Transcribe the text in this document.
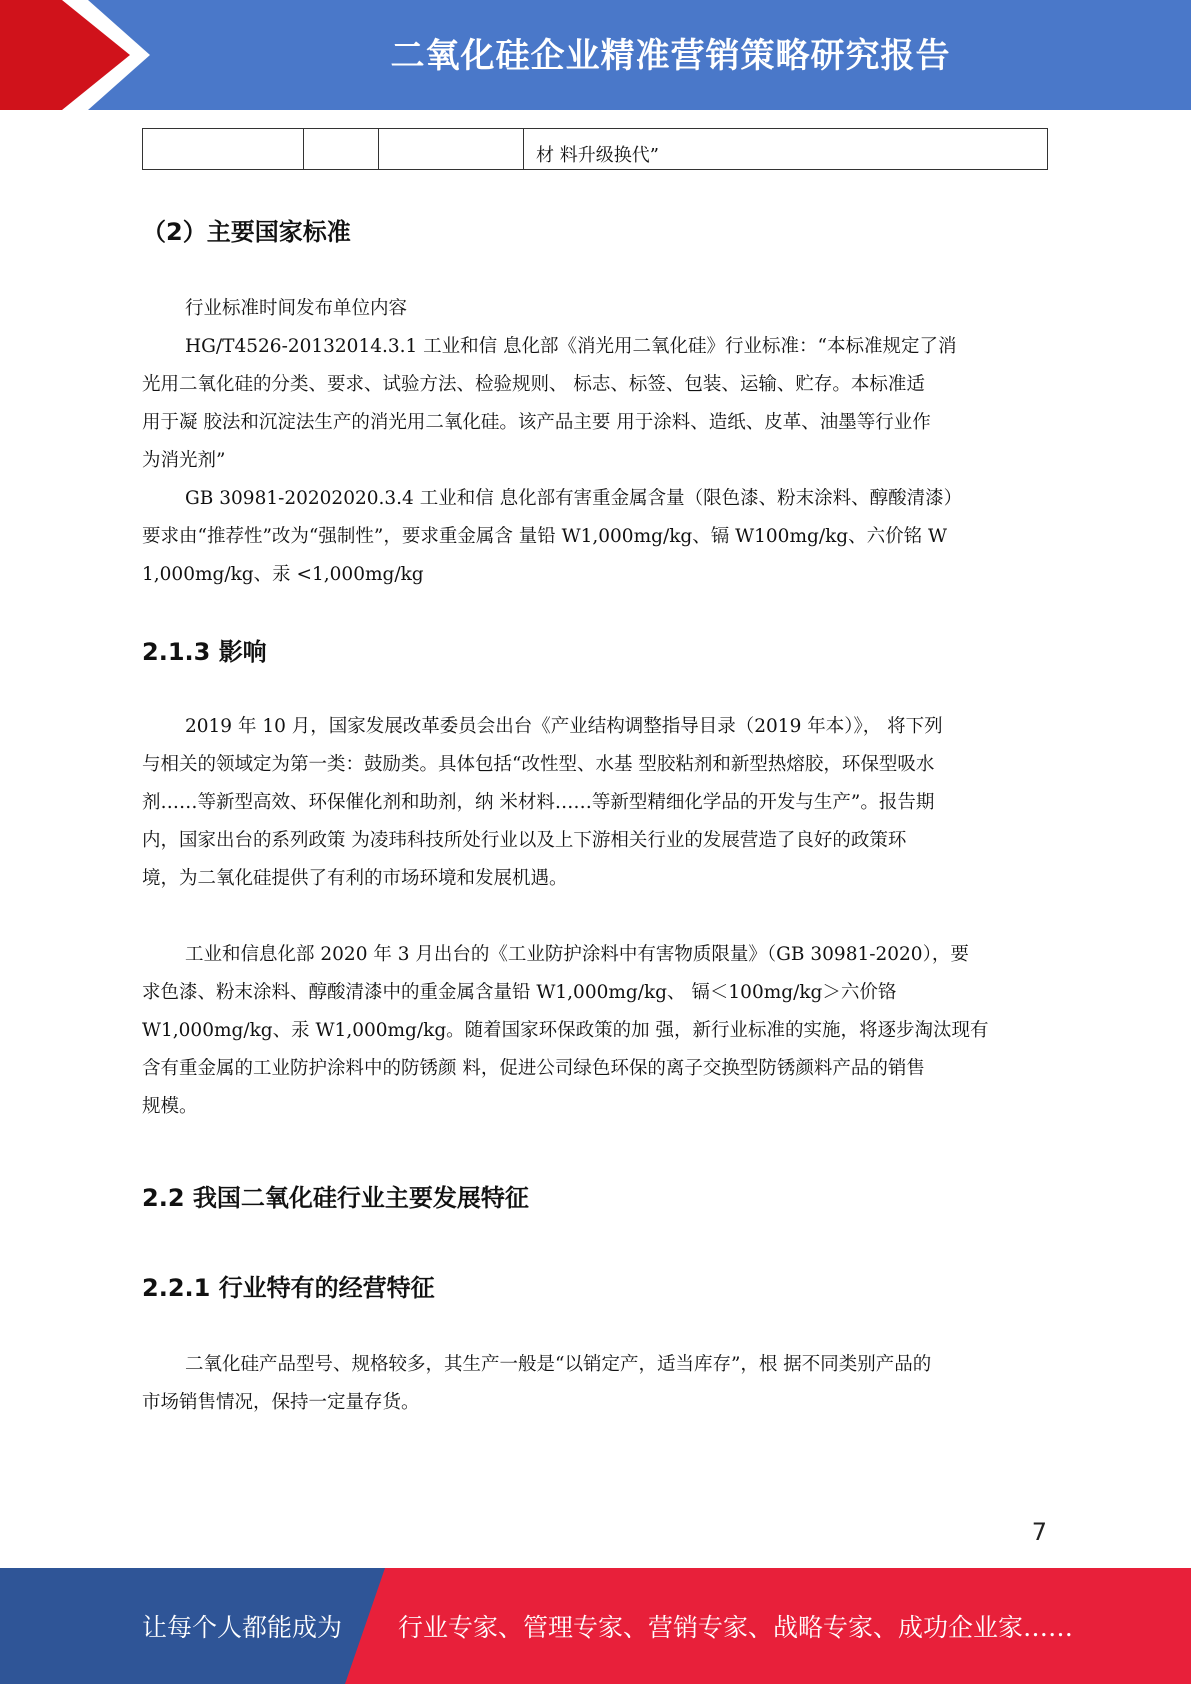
二氧化硅企业精准营销策略研究报告
			材 料升级换代”
（2）主要国家标准

行业标准时间发布单位内容

HG/T4526-20132014.3.1 工业和信 息化部《消光用二氧化硅》行业标准：“本标准规定了消
光用二氧化硅的分类、要求、试验方法、检验规则、 标志、标签、包装、运输、贮存。本标准适
用于凝 胶法和沉淀法生产的消光用二氧化硅。该产品主要 用于涂料、造纸、皮革、油墨等行业作
为消光剂”

GB 30981-20202020.3.4 工业和信 息化部有害重金属含量（限色漆、粉末涂料、醇酸清漆）
要求由“推荐性”改为“强制性”，要求重金属含 量铅 W1,000mg/kg、镉 W100mg/kg、六价铭 W
1,000mg/kg、汞 <1,000mg/kg

2.1.3 影响

2019 年 10 月，国家发展改革委员会出台《产业结构调整指导目录（2019 年本）》， 将下列
与相关的领域定为第一类：鼓励类。具体包括“改性型、水基 型胶粘剂和新型热熔胶，环保型吸水
剂……等新型高效、环保催化剂和助剂，纳 米材料……等新型精细化学品的开发与生产”。报告期
内，国家出台的系列政策 为凌玮科技所处行业以及上下游相关行业的发展营造了良好的政策环
境，为二氧化硅提供了有利的市场环境和发展机遇。

工业和信息化部 2020 年 3 月出台的《工业防护涂料中有害物质限量》（GB 30981-2020），要
求色漆、粉末涂料、醇酸清漆中的重金属含量铅 W1,000mg/kg、 镉＜100mg/kg＞六价铬
W1,000mg/kg、汞 W1,000mg/kg。随着国家环保政策的加 强，新行业标准的实施，将逐步淘汰现有
含有重金属的工业防护涂料中的防锈颜 料，促进公司绿色环保的离子交换型防锈颜料产品的销售
规模。

2.2 我国二氧化硅行业主要发展特征
2.2.1 行业特有的经营特征

二氧化硅产品型号、规格较多，其生产一般是“以销定产，适当库存”，根 据不同类别产品的
市场销售情况，保持一定量存货。

7
让每个人都能成为 行业专家、管理专家、营销专家、战略专家、成功企业家……
